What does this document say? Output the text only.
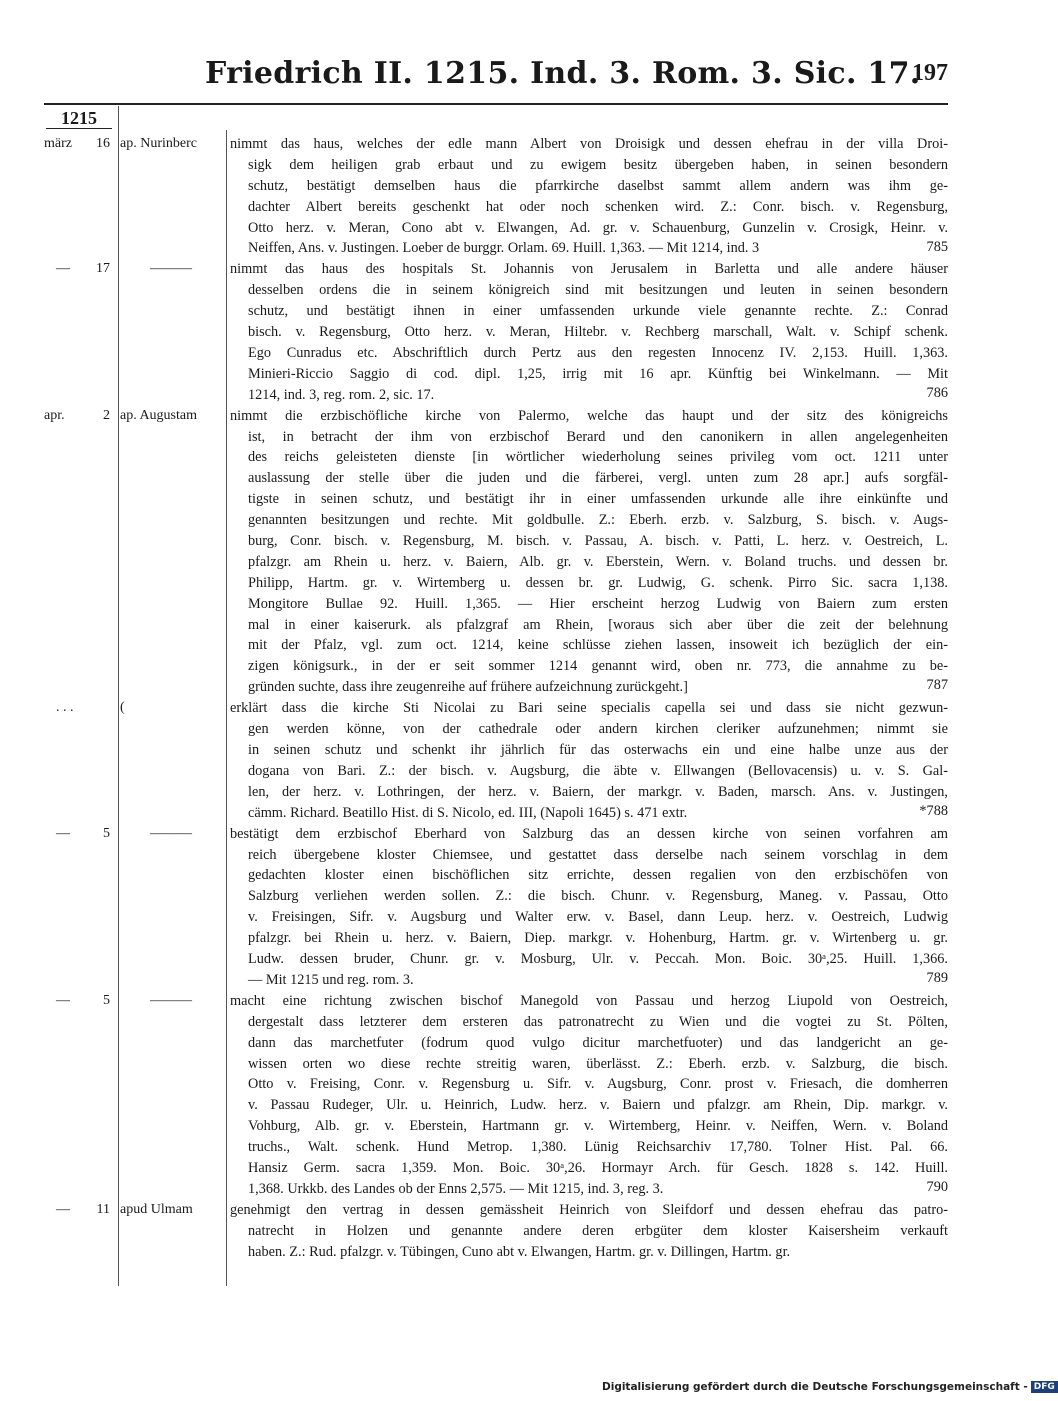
Friedrich II. 1215. Ind. 3. Rom. 3. Sic. 17.
197
1215
märz 16 ap. Nurinberc	nimmt das haus, welches der edle mann Albert von Droisigk und dessen ehefrau in der villa Droi-
sigk dem heiligen grab erbaut und zu ewigem besitz übergeben haben, in seinen besondern
schutz, bestätigt demselben haus die pfarrkirche daselbst sammt allem andern was ihm ge-
dachter Albert bereits geschenkt hat oder noch schenken wird. Z.: Conr. bisch. v. Regensburg,
Otto herz. v. Meran, Cono abt v. Elwangen, Ad. gr. v. Schauenburg, Gunzelin v. Crosigk, Heinr. v.
Neiffen, Ans. v. Justingen. Loeber de burggr. Orlam. 69. Huill. 1,363. — Mit 1214, ind. 3	785
— 17	———	nimmt das haus des hospitals St. Johannis von Jerusalem in Barletta und alle andere häuser
desselben ordens die in seinem königreich sind mit besitzungen und leuten in seinen besondern
schutz, und bestätigt ihnen in einer umfassenden urkunde viele genannte rechte. Z.: Conrad
bisch. v. Regensburg, Otto herz. v. Meran, Hiltebr. v. Rechberg marschall, Walt. v. Schipf schenk.
Ego Cunradus etc. Abschriftlich durch Pertz aus den regesten Innocenz IV. 2,153. Huill. 1,363.
Minieri-Riccio Saggio di cod. dipl. 1,25, irrig mit 16 apr. Künftig bei Winkelmann. — Mit
1214, ind. 3, reg. rom. 2, sic. 17.	786
apr.	2 ap. Augustam	nimmt die erzbischöfliche kirche von Palermo, welche das haupt und der sitz des königreichs
ist, in betracht der ihm von erzbischof Berard und den canonikern in allen angelegenheiten
des reichs geleisteten dienste [in wörtlicher wiederholung seines privileg vom oct. 1211 unter
auslassung der stelle über die juden und die färberei, vergl. unten zum 28 apr.] aufs sorgfäl-
tigste in seinen schutz, und bestätigt ihr in einer umfassenden urkunde alle ihre einkünfte und
genannten besitzungen und rechte. Mit goldbulle. Z.: Eberh. erzb. v. Salzburg, S. bisch. v. Augs-
burg, Conr. bisch. v. Regensburg, M. bisch. v. Passau, A. bisch. v. Patti, L. herz. v. Oestreich, L.
pfalzgr. am Rhein u. herz. v. Baiern, Alb. gr. v. Eberstein, Wern. v. Boland truchs. und dessen br.
Philipp, Hartm. gr. v. Wirtemberg u. dessen br. gr. Ludwig, G. schenk. Pirro Sic. sacra 1,138.
Mongitore Bullae 92. Huill. 1,365. — Hier erscheint herzog Ludwig von Baiern zum ersten
mal in einer kaiserurk. als pfalzgraf am Rhein, [woraus sich aber über die zeit der belehnung
mit der Pfalz, vgl. zum oct. 1214, keine schlüsse ziehen lassen, insoweit ich bezüglich der ein-
zigen königsurk., in der er seit sommer 1214 genannt wird, oben nr. 773, die annahme zu be-
gründen suchte, dass ihre zeugenreihe auf frühere aufzeichnung zurückgeht.]	787
. . .	(	erklärt dass die kirche Sti Nicolai zu Bari seine specialis capella sei und dass sie nicht gezwun-
gen werden könne, von der cathedrale oder andern kirchen cleriker aufzunehmen; nimmt sie
in seinen schutz und schenkt ihr jährlich für das osterwachs ein und eine halbe unze aus der
dogana von Bari. Z.: der bisch. v. Augsburg, die äbte v. Ellwangen (Bellovacensis) u. v. S. Gal-
len, der herz. v. Lothringen, der herz. v. Baiern, der markgr. v. Baden, marsch. Ans. v. Justingen,
cämm. Richard. Beatillo Hist. di S. Nicolo, ed. III, (Napoli 1645) s. 471 extr.	*788
— 5	———	bestätigt dem erzbischof Eberhard von Salzburg das an dessen kirche von seinen vorfahren am
reich übergebene kloster Chiemsee, und gestattet dass derselbe nach seinem vorschlag in dem
gedachten kloster einen bischöflichen sitz errichte, dessen regalien von den erzbischöfen von
Salzburg verliehen werden sollen. Z.: die bisch. Chunr. v. Regensburg, Maneg. v. Passau, Otto
v. Freisingen, Sifr. v. Augsburg und Walter erw. v. Basel, dann Leup. herz. v. Oestreich, Ludwig
pfalzgr. bei Rhein u. herz. v. Baiern, Diep. markgr. v. Hohenburg, Hartm. gr. v. Wirtenberg u. gr.
Ludw. dessen bruder, Chunr. gr. v. Mosburg, Ulr. v. Peccah. Mon. Boic. 30ᵃ,25. Huill. 1,366.
— Mit 1215 und reg. rom. 3.	789
— 5	———	macht eine richtung zwischen bischof Manegold von Passau und herzog Liupold von Oestreich,
dergestalt dass letzterer dem ersteren das patronatrecht zu Wien und die vogtei zu St. Pölten,
dann das marchetfuter (fodrum quod vulgo dicitur marchetfuoter) und das landgericht an ge-
wissen orten wo diese rechte streitig waren, überlässt. Z.: Eberh. erzb. v. Salzburg, die bisch.
Otto v. Freising, Conr. v. Regensburg u. Sifr. v. Augsburg, Conr. prost v. Friesach, die domherren
v. Passau Rudeger, Ulr. u. Heinrich, Ludw. herz. v. Baiern und pfalzgr. am Rhein, Dip. markgr. v.
Vohburg, Alb. gr. v. Eberstein, Hartmann gr. v. Wirtemberg, Heinr. v. Neiffen, Wern. v. Boland
truchs., Walt. schenk. Hund Metrop. 1,380. Lünig Reichsarchiv 17,780. Tolner Hist. Pal. 66.
Hansiz Germ. sacra 1,359. Mon. Boic. 30ᵃ,26. Hormayr Arch. für Gesch. 1828 s. 142. Huill.
1,368. Urkkb. des Landes ob der Enns 2,575. — Mit 1215, ind. 3, reg. 3.	790
— 11 apud Ulmam	genehmigt den vertrag in dessen gemässheit Heinrich von Sleifdorf und dessen ehefrau das patro-
natrecht in Holzen und genannte andere deren erbgüter dem kloster Kaisersheim verkauft
haben. Z.: Rud. pfalzgr. v. Tübingen, Cuno abt v. Elwangen, Hartm. gr. v. Dillingen, Hartm. gr.
Digitalisierung gefördert durch die Deutsche Forschungsgemeinschaft - DFG
